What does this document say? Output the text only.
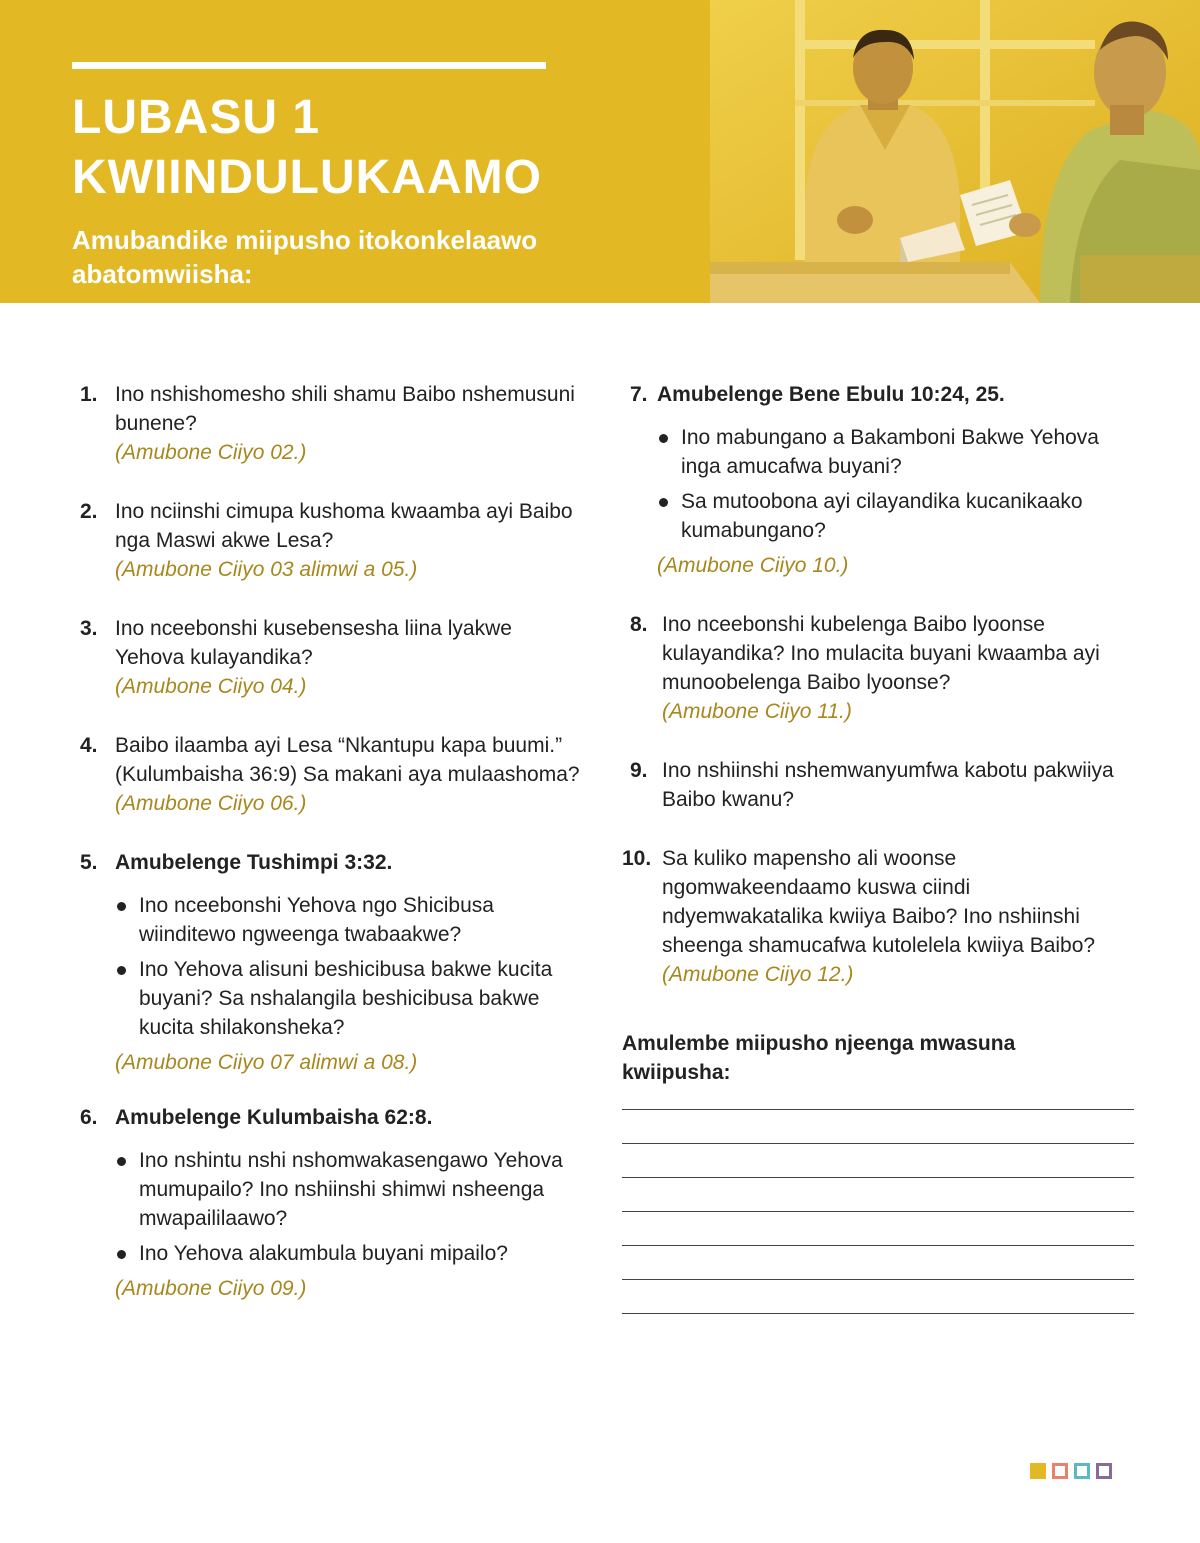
LUBASU 1
KWIINDULUKAAMO

Amubandike miipusho itokonkelaawo abatomwiisha:

1. Ino nshishomesho shili shamu Baibo nshemusuni bunene?
(Amubone Ciiyo 02.)
2. Ino nciinshi cimupa kushoma kwaamba ayi Baibo nga Maswi akwe Lesa?
(Amubone Ciiyo 03 alimwi a 05.)
3. Ino nceebonshi kusebensesha liina lyakwe Yehova kulayandika?
(Amubone Ciiyo 04.)
4. Baibo ilaamba ayi Lesa “Nkantupu kapa buumi.” (Kulumbaisha 36:9) Sa makani aya mulaashoma?
(Amubone Ciiyo 06.)
5. Amubelenge Tushimpi 3:32.
Ino nceebonshi Yehova ngo Shicibusa wiinditewo ngweenga twabaakwe?
Ino Yehova alisuni beshicibusa bakwe kucita buyani? Sa nshalangila beshicibusa bakwe kucita shilakonsheka?
(Amubone Ciiyo 07 alimwi a 08.)
6. Amubelenge Kulumbaisha 62:8.
Ino nshintu nshi nshomwakasengawo Yehova mumupailo? Ino nshiinshi shimwi nsheenga mwapaililaawo?
Ino Yehova alakumbula buyani mipailo?
(Amubone Ciiyo 09.)
7. Amubelenge Bene Ebulu 10:24, 25.
Ino mabungano a Bakamboni Bakwe Yehova inga amucafwa buyani?
Sa mutoobona ayi cilayandika kucanikaako kumabungano?
(Amubone Ciiyo 10.)
8. Ino nceebonshi kubelenga Baibo lyoonse kulayandika? Ino mulacita buyani kwaamba ayi munoobelenga Baibo lyoonse?
(Amubone Ciiyo 11.)
9. Ino nshiinshi nshemwanyumfwa kabotu pakwiiya Baibo kwanu?
10. Sa kuliko mapensho ali woonse ngomwakeendaamo kuswa ciindi ndyemwakatalika kwiiya Baibo? Ino nshiinshi sheenga shamucafwa kutolelela kwiiya Baibo?
(Amubone Ciiyo 12.)

Amulembe miipusho njeenga mwasuna kwiipusha:
